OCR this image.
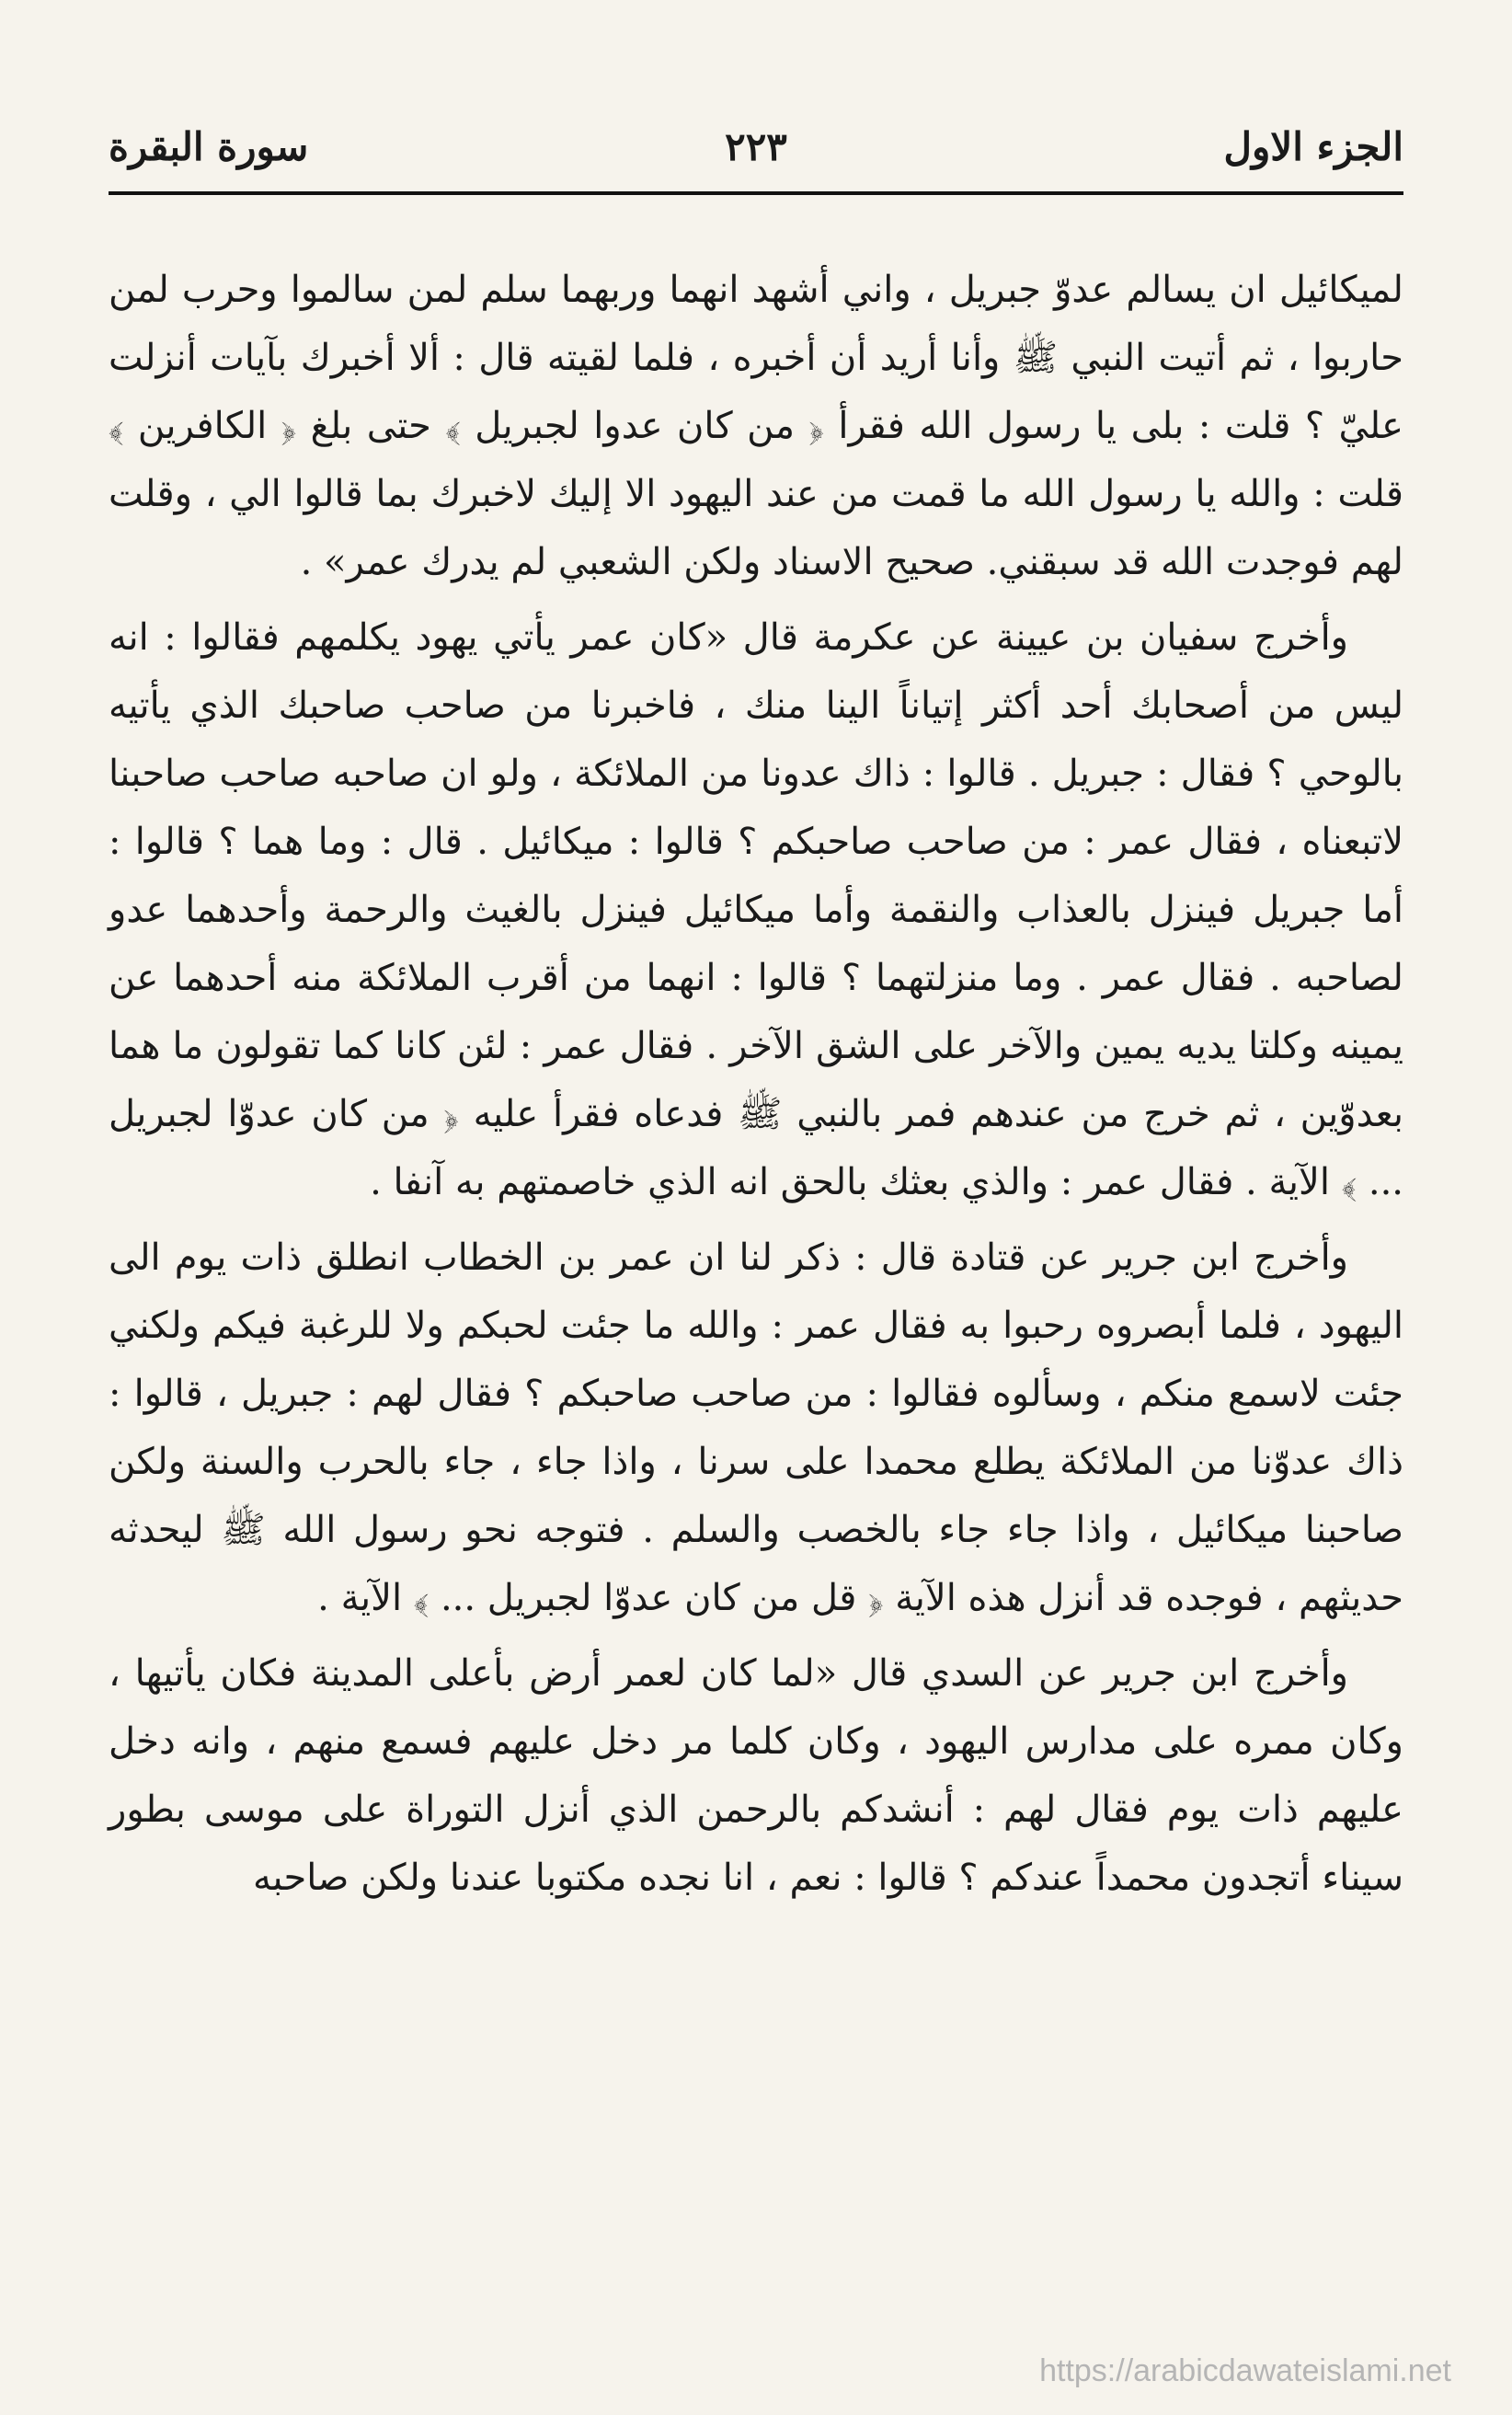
الجزء الاول
٢٢٣
سورة البقرة

لميكائيل ان يسالم عدوّ جبريل ، واني أشهد انهما وربهما سلم لمن سالموا وحرب لمن حاربوا ، ثم أتيت النبي ﷺ وأنا أريد أن أخبره ، فلما لقيته قال : ألا أخبرك بآيات أنزلت عليّ ؟ قلت : بلى يا رسول الله فقرأ ﴿ من كان عدوا لجبريل ﴾ حتى بلغ ﴿ الكافرين ﴾ قلت : والله يا رسول الله ما قمت من عند اليهود الا إليك لاخبرك بما قالوا الي ، وقلت لهم فوجدت الله قد سبقني. صحيح الاسناد ولكن الشعبي لم يدرك عمر» .

وأخرج سفيان بن عيينة عن عكرمة قال «كان عمر يأتي يهود يكلمهم فقالوا : انه ليس من أصحابك أحد أكثر إتياناً الينا منك ، فاخبرنا من صاحب صاحبك الذي يأتيه بالوحي ؟ فقال : جبريل . قالوا : ذاك عدونا من الملائكة ، ولو ان صاحبه صاحب صاحبنا لاتبعناه ، فقال عمر : من صاحب صاحبكم ؟ قالوا : ميكائيل . قال : وما هما ؟ قالوا : أما جبريل فينزل بالعذاب والنقمة وأما ميكائيل فينزل بالغيث والرحمة وأحدهما عدو لصاحبه . فقال عمر . وما منزلتهما ؟ قالوا : انهما من أقرب الملائكة منه أحدهما عن يمينه وكلتا يديه يمين والآخر على الشق الآخر . فقال عمر : لئن كانا كما تقولون ما هما بعدوّين ، ثم خرج من عندهم فمر بالنبي ﷺ فدعاه فقرأ عليه ﴿ من كان عدوّا لجبريل ... ﴾ الآية . فقال عمر : والذي بعثك بالحق انه الذي خاصمتهم به آنفا .

وأخرج ابن جرير عن قتادة قال : ذكر لنا ان عمر بن الخطاب انطلق ذات يوم الى اليهود ، فلما أبصروه رحبوا به فقال عمر : والله ما جئت لحبكم ولا للرغبة فيكم ولكني جئت لاسمع منكم ، وسألوه فقالوا : من صاحب صاحبكم ؟ فقال لهم : جبريل ، قالوا : ذاك عدوّنا من الملائكة يطلع محمدا على سرنا ، واذا جاء ، جاء بالحرب والسنة ولكن صاحبنا ميكائيل ، واذا جاء جاء بالخصب والسلم . فتوجه نحو رسول الله ﷺ ليحدثه حديثهم ، فوجده قد أنزل هذه الآية ﴿ قل من كان عدوّا لجبريل ... ﴾ الآية .

وأخرج ابن جرير عن السدي قال «لما كان لعمر أرض بأعلى المدينة فكان يأتيها ، وكان ممره على مدارس اليهود ، وكان كلما مر دخل عليهم فسمع منهم ، وانه دخل عليهم ذات يوم فقال لهم : أنشدكم بالرحمن الذي أنزل التوراة على موسى بطور سيناء أتجدون محمداً عندكم ؟ قالوا : نعم ، انا نجده مكتوبا عندنا ولكن صاحبه

https://arabicdawateislami.net
